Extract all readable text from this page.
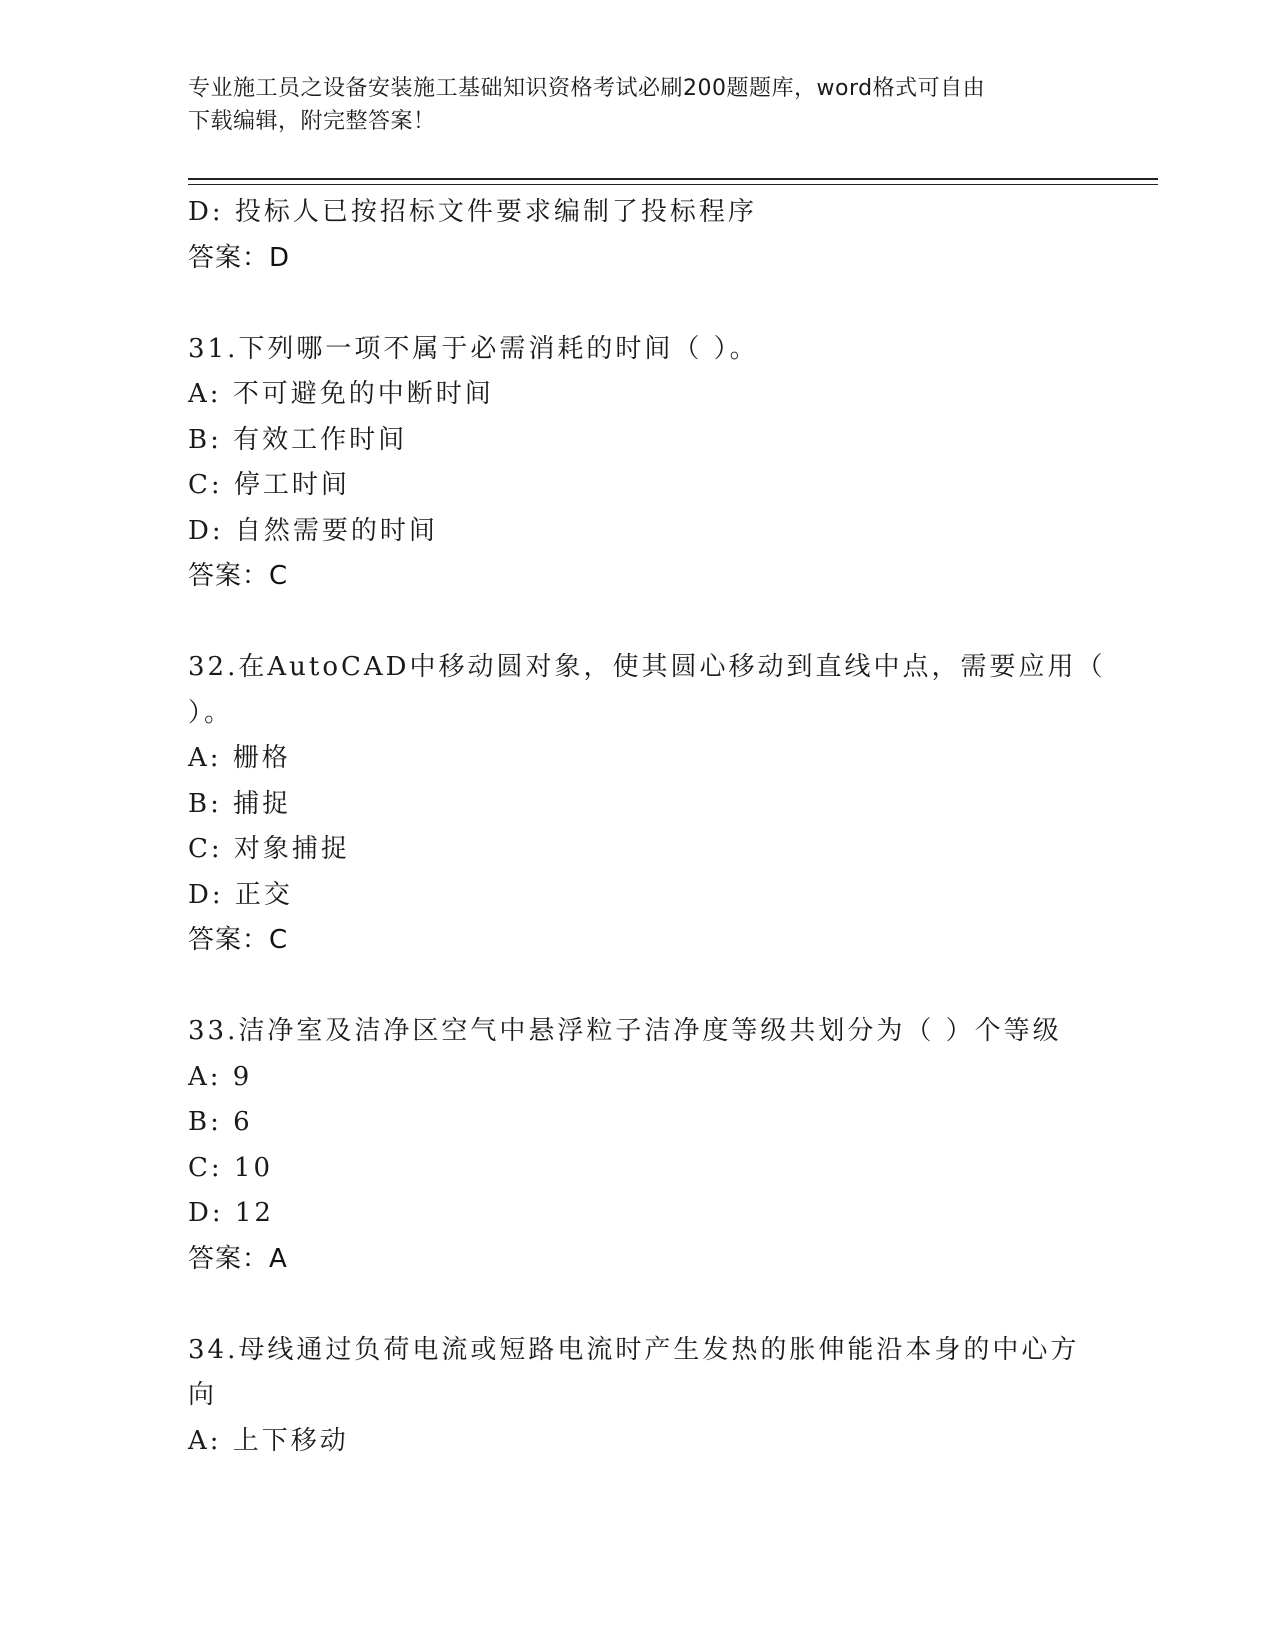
专业施工员之设备安装施工基础知识资格考试必刷200题题库，word格式可自由
下载编辑，附完整答案！
D: 投标人已按招标文件要求编制了投标程序
答案：D
31.下列哪一项不属于必需消耗的时间（ ）。
A: 不可避免的中断时间
B: 有效工作时间
C: 停工时间
D: 自然需要的时间
答案：C
32.在AutoCAD中移动圆对象，使其圆心移动到直线中点，需要应用（
）。
A: 栅格
B: 捕捉
C: 对象捕捉
D: 正交
答案：C
33.洁净室及洁净区空气中悬浮粒子洁净度等级共划分为（ ）个等级
A: 9
B: 6
C: 10
D: 12
答案：A
34.母线通过负荷电流或短路电流时产生发热的胀伸能沿本身的中心方
向
A: 上下移动
